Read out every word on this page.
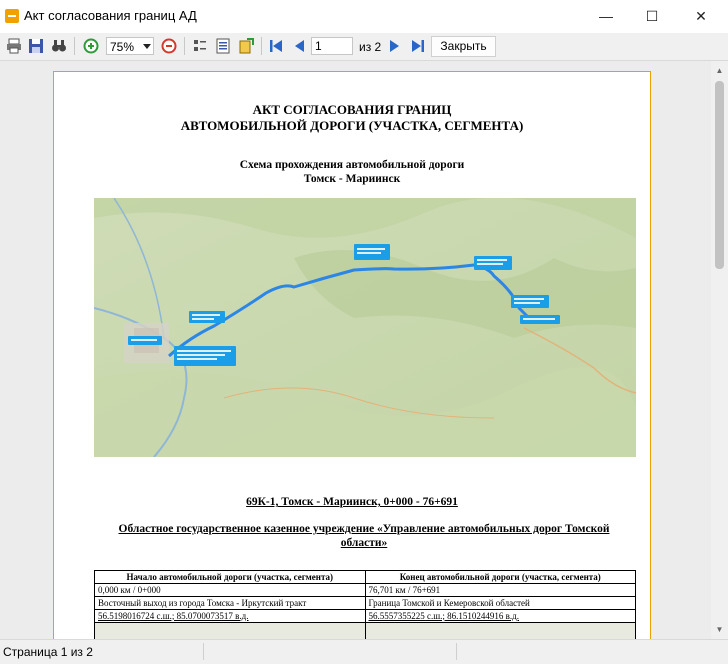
Акт согласования границ АД	—	☐	✕
75%
1	из 2	Закрыть
АКТ СОГЛАСОВАНИЯ ГРАНИЦ
АВТОМОБИЛЬНОЙ ДОРОГИ (УЧАСТКА, СЕГМЕНТА)
Схема прохождения автомобильной дороги
Томск - Мариинск
69К-1, Томск - Мариинск, 0+000 - 76+691
Областное государственное казенное учреждение «Управление автомобильных дорог Томской
области»
Начало автомобильной дороги (участка, сегмента)	Конец автомобильной дороги (участка, сегмента)
0,000 км / 0+000	76,701 км / 76+691
Восточный выход из города Томска - Иркутский тракт	Граница Томской и Кемеровской областей
56.5198016724 с.ш.; 85.0700073517 в.д.	56.5557355225 с.ш.; 86.1510244916 в.д.

▲
▼
Страница 1 из 2
